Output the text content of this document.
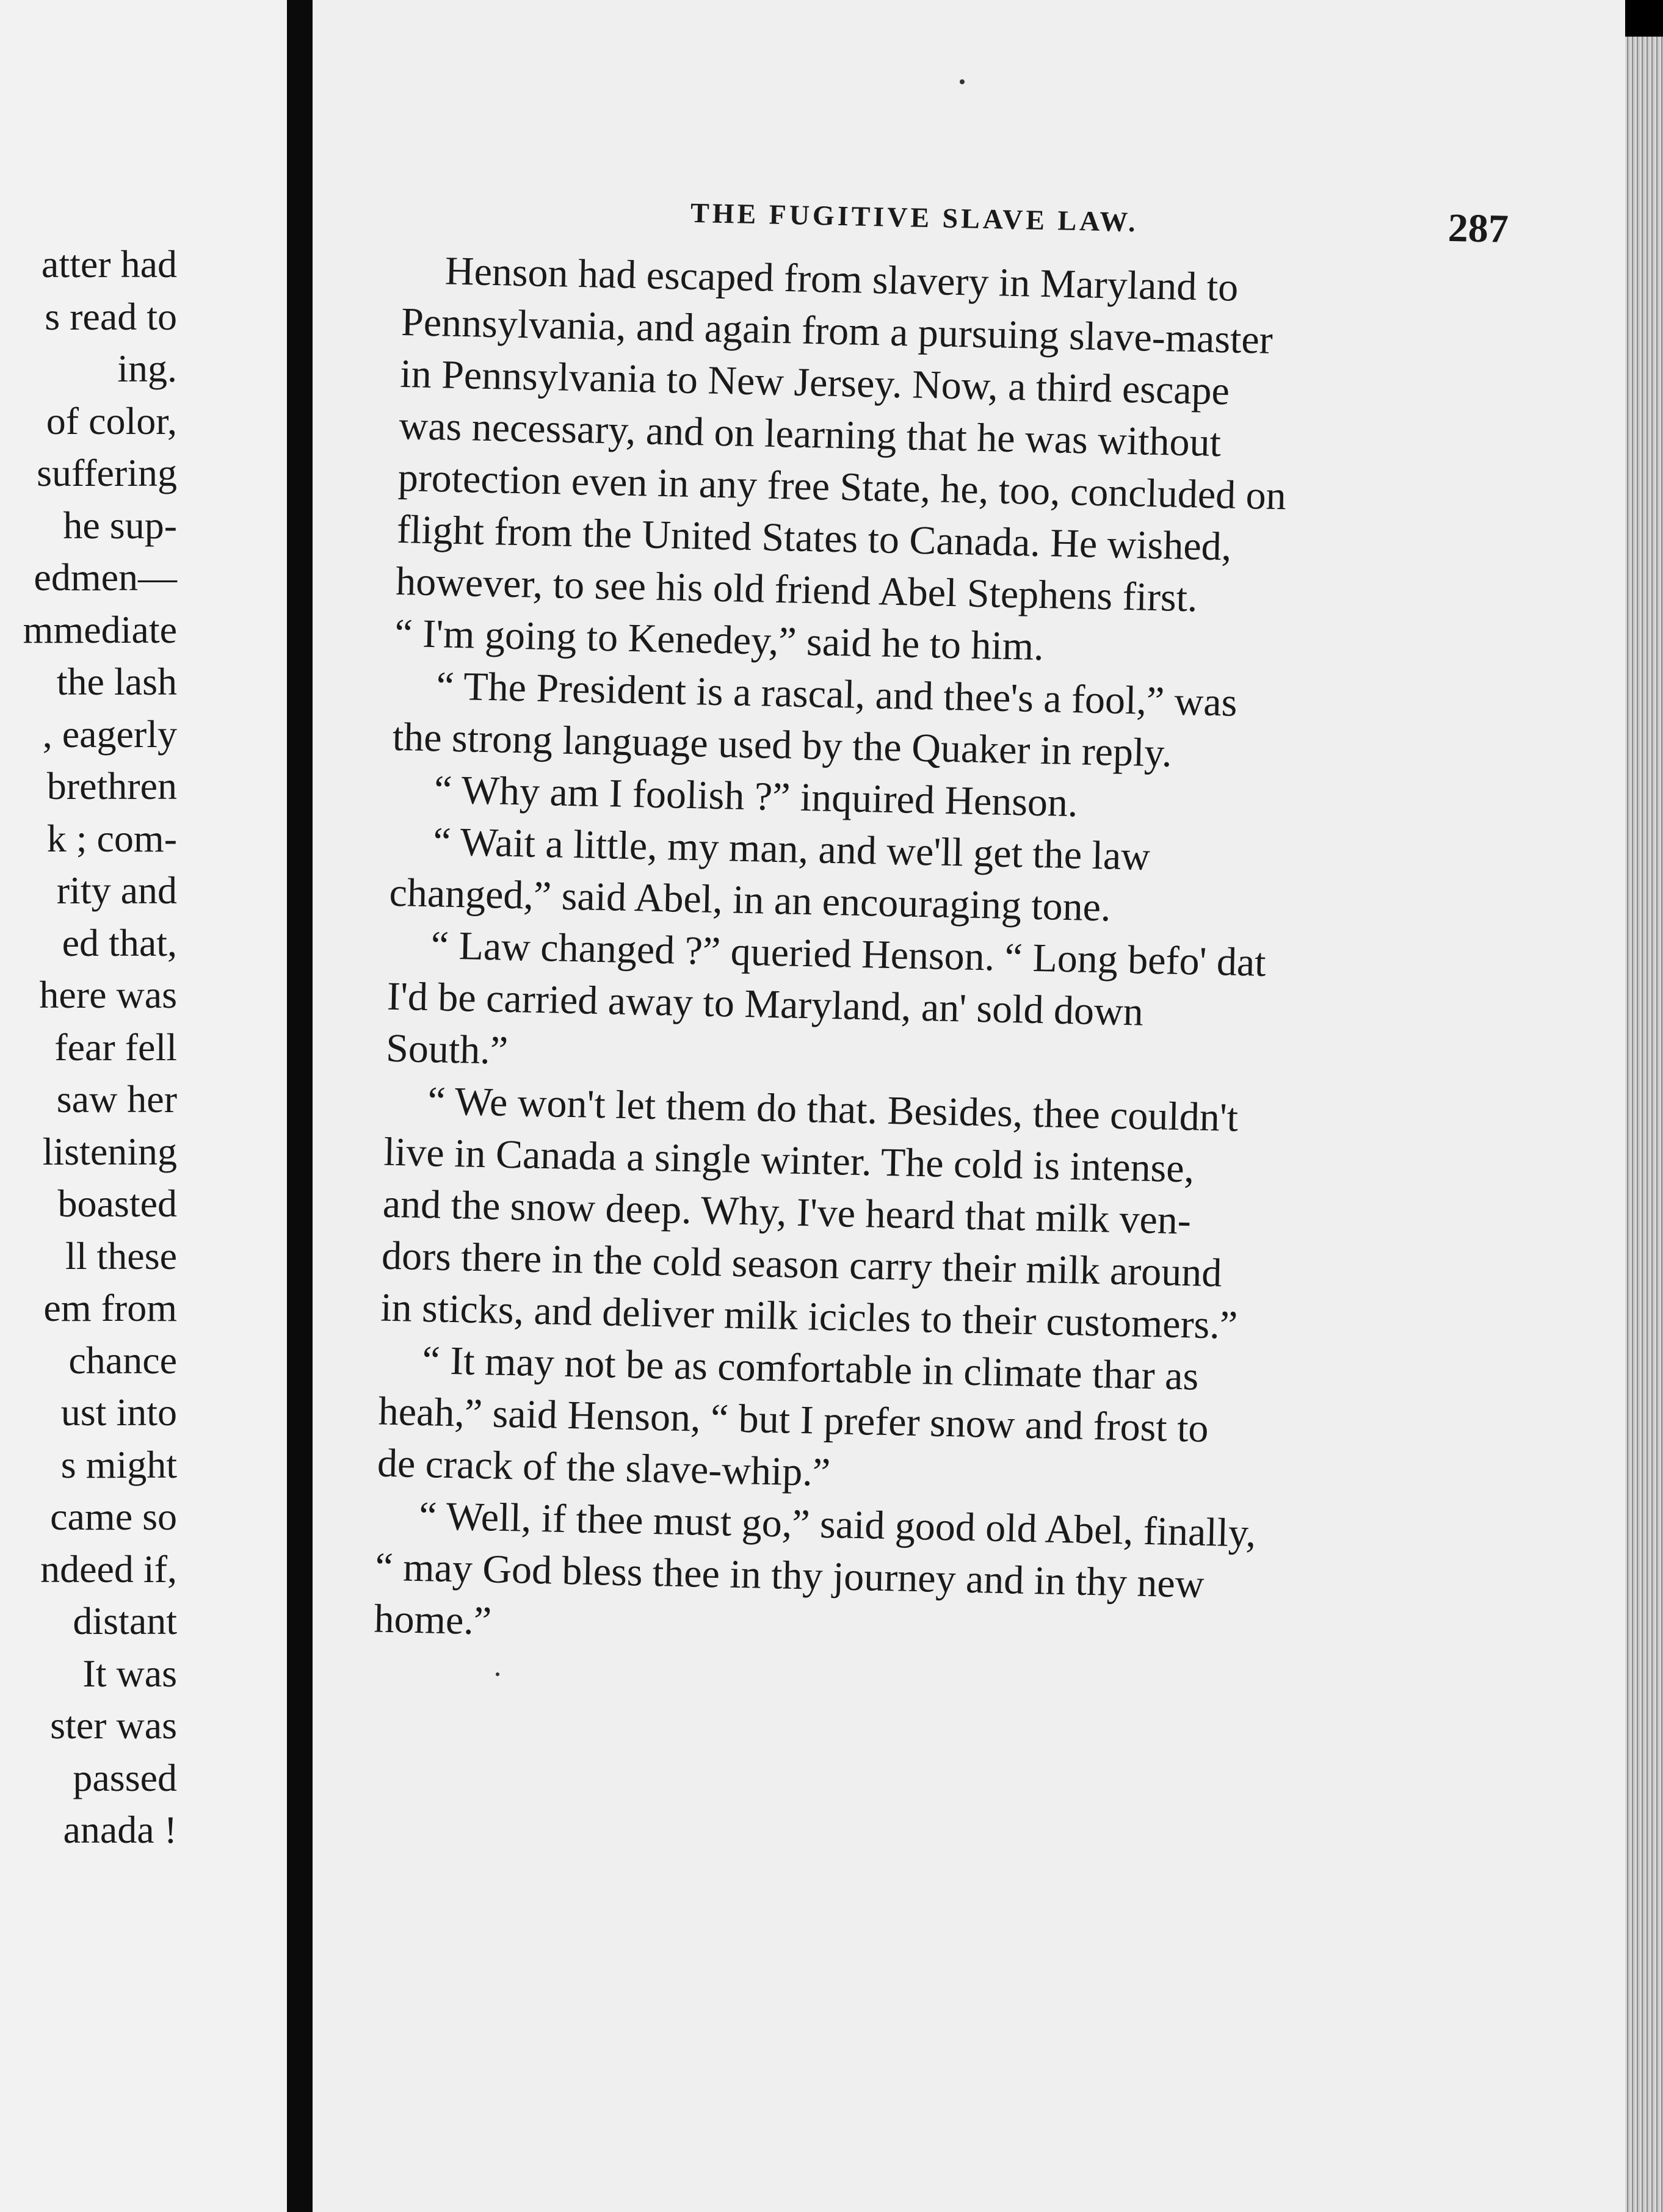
atter had
s read to
ing.
of color,
suffering
he sup-
edmen—
mmediate
the lash
, eagerly
brethren
k ; com-
rity and
ed that,
here was
fear fell
saw her
listening
boasted
ll these
em from
chance
ust into
s might
came so
ndeed if,
distant
It was
ster was
passed
anada !
THE FUGITIVE SLAVE LAW.	287
Henson had escaped from slavery in Maryland to
Pennsylvania, and again from a pursuing slave-master
in Pennsylvania to New Jersey. Now, a third escape
was necessary, and on learning that he was without
protection even in any free State, he, too, concluded on
flight from the United States to Canada. He wished,
however, to see his old friend Abel Stephens first.
“ I'm going to Kenedey,” said he to him.
“ The President is a rascal, and thee's a fool,” was
the strong language used by the Quaker in reply.
“ Why am I foolish ?” inquired Henson.
“ Wait a little, my man, and we'll get the law
changed,” said Abel, in an encouraging tone.
“ Law changed ?” queried Henson. “ Long befo' dat
I'd be carried away to Maryland, an' sold down
South.”
“ We won't let them do that. Besides, thee couldn't
live in Canada a single winter. The cold is intense,
and the snow deep. Why, I've heard that milk ven-
dors there in the cold season carry their milk around
in sticks, and deliver milk icicles to their customers.”
“ It may not be as comfortable in climate thar as
heah,” said Henson, “ but I prefer snow and frost to
de crack of the slave-whip.”
“ Well, if thee must go,” said good old Abel, finally,
“ may God bless thee in thy journey and in thy new
home.”
